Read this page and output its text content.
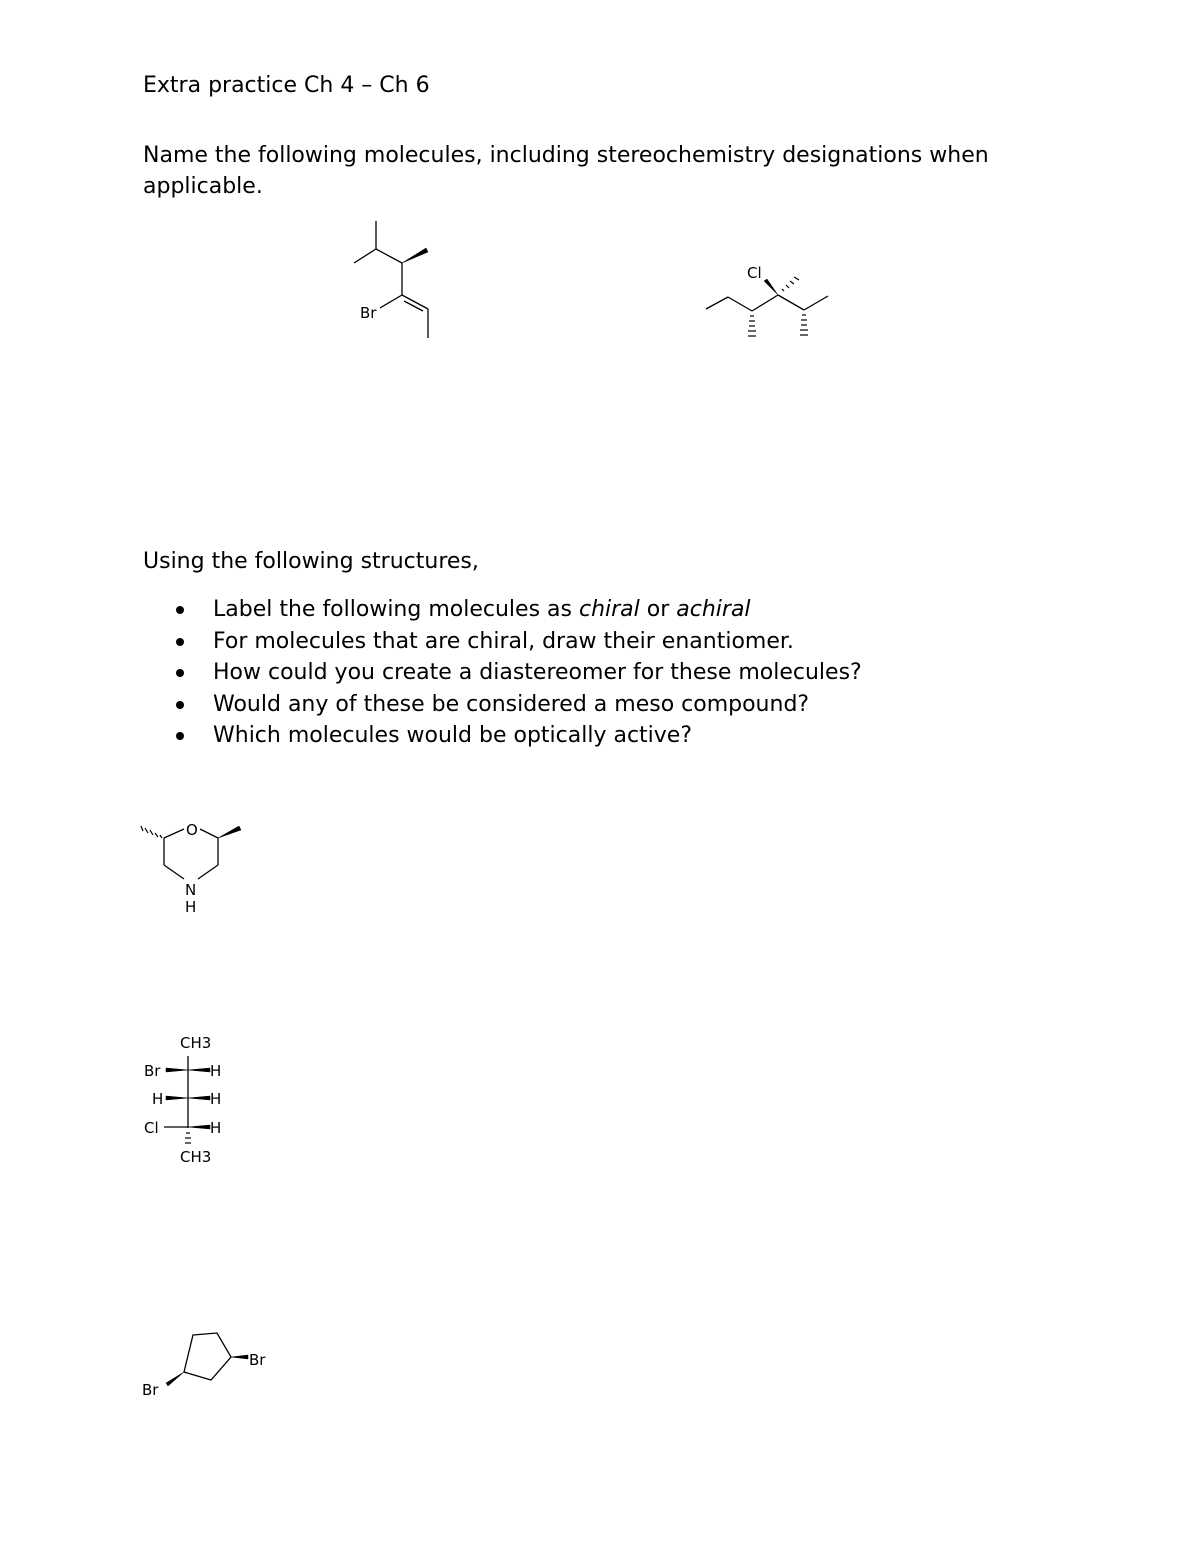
Extra practice Ch 4 – Ch 6
Name the following molecules, including stereochemistry designations when applicable.
Br
Cl
Using the following structures,
Label the following molecules as chiral or achiral
For molecules that are chiral, draw their enantiomer.
How could you create a diastereomer for these molecules?
Would any of these be considered a meso compound?
Which molecules would be optically active?
O
N
H
CH3
Br	H
H	H
Cl	H
CH3
Br
Br
